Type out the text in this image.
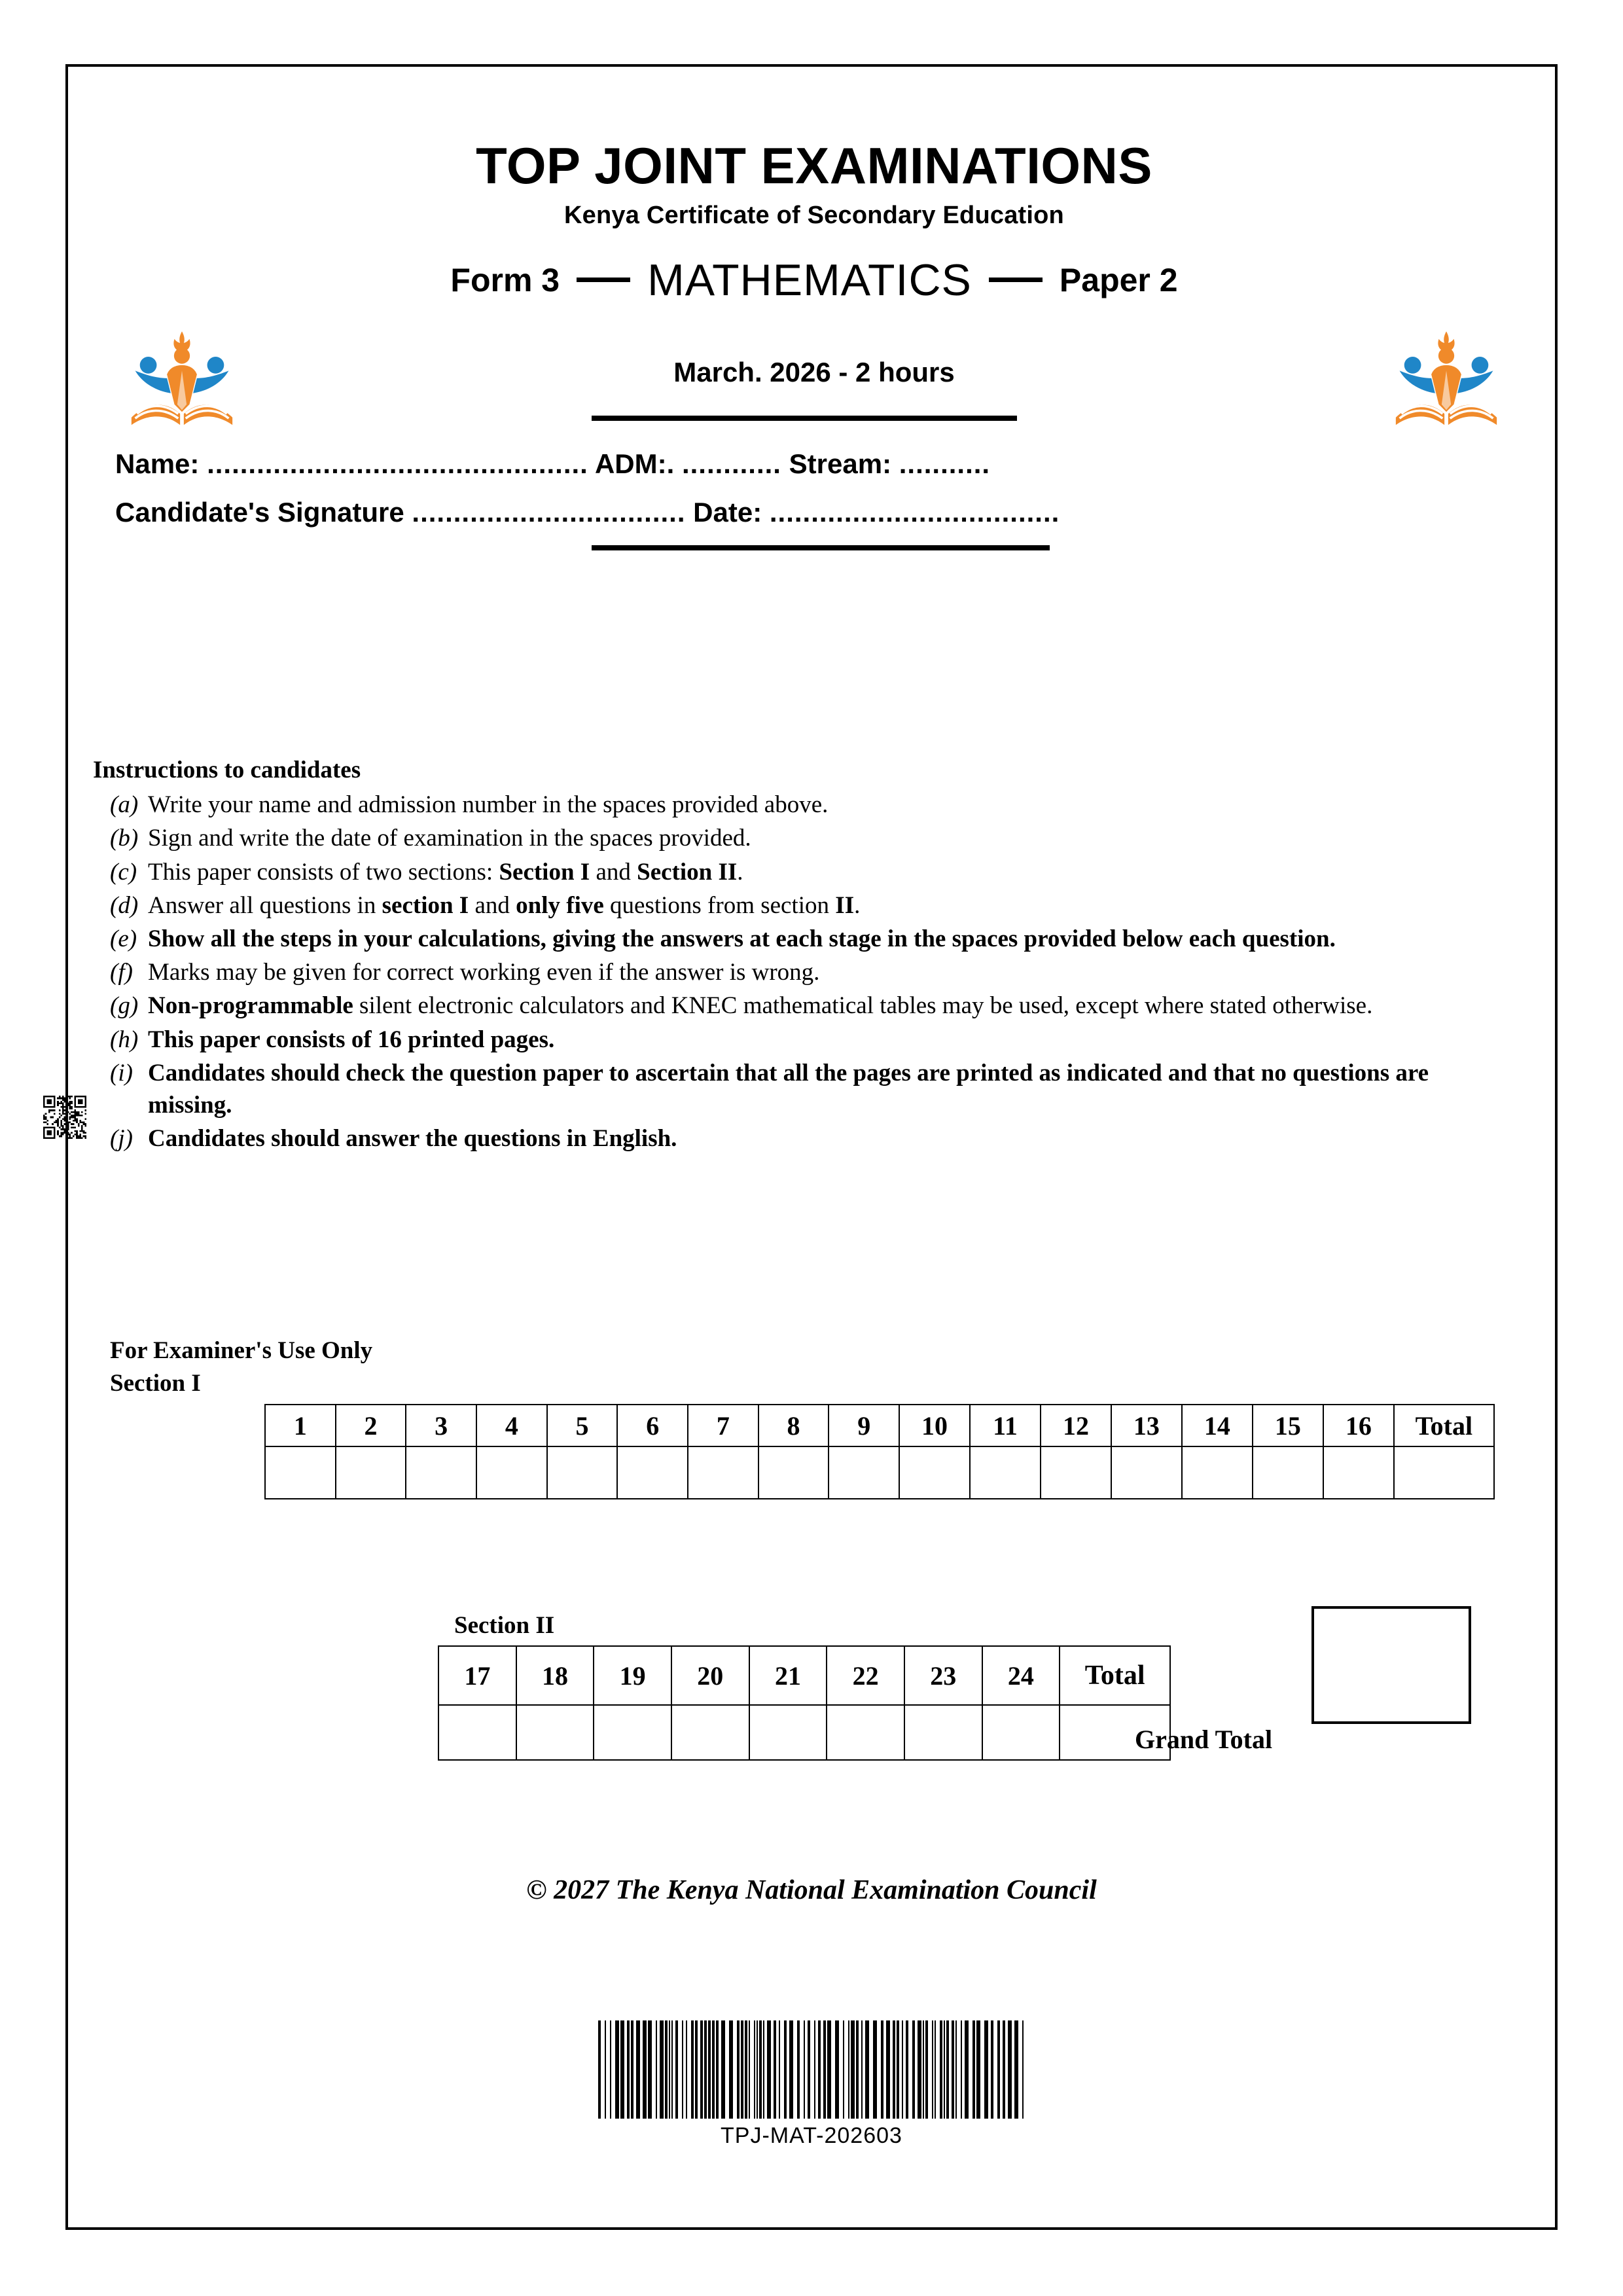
TOP JOINT EXAMINATIONS
Kenya Certificate of Secondary Education
Form 3 MATHEMATICS	Paper 2
March. 2026 - 2 hours
Name: .............................................. ADM:. ............ Stream: ...........
Candidate's Signature ................................. Date: ...................................
Instructions to candidates
(a) Write your name and admission number in the spaces provided above.
(b) Sign and write the date of examination in the spaces provided.
(c) This paper consists of two sections: Section I and Section II.
(d) Answer all questions in section I and only five questions from section II.
(e) Show all the steps in your calculations, giving the answers at each stage in the spaces provided below each question.
(f) Marks may be given for correct working even if the answer is wrong.
(g) Non-programmable silent electronic calculators and KNEC mathematical tables may be used, except where stated otherwise.
(h) This paper consists of 16 printed pages.
(i) Candidates should check the question paper to ascertain that all the pages are printed as indicated and that no questions are missing.
(j) Candidates should answer the questions in English.
For Examiner's Use Only
Section I
1	2	3	4	5	6	7	8	9	10	11	12	13	14	15	16	Total

Section II
17	18	19	20	21	22	23	24	Total

Grand Total
© 2027 The Kenya National Examination Council
TPJ-MAT-202603
